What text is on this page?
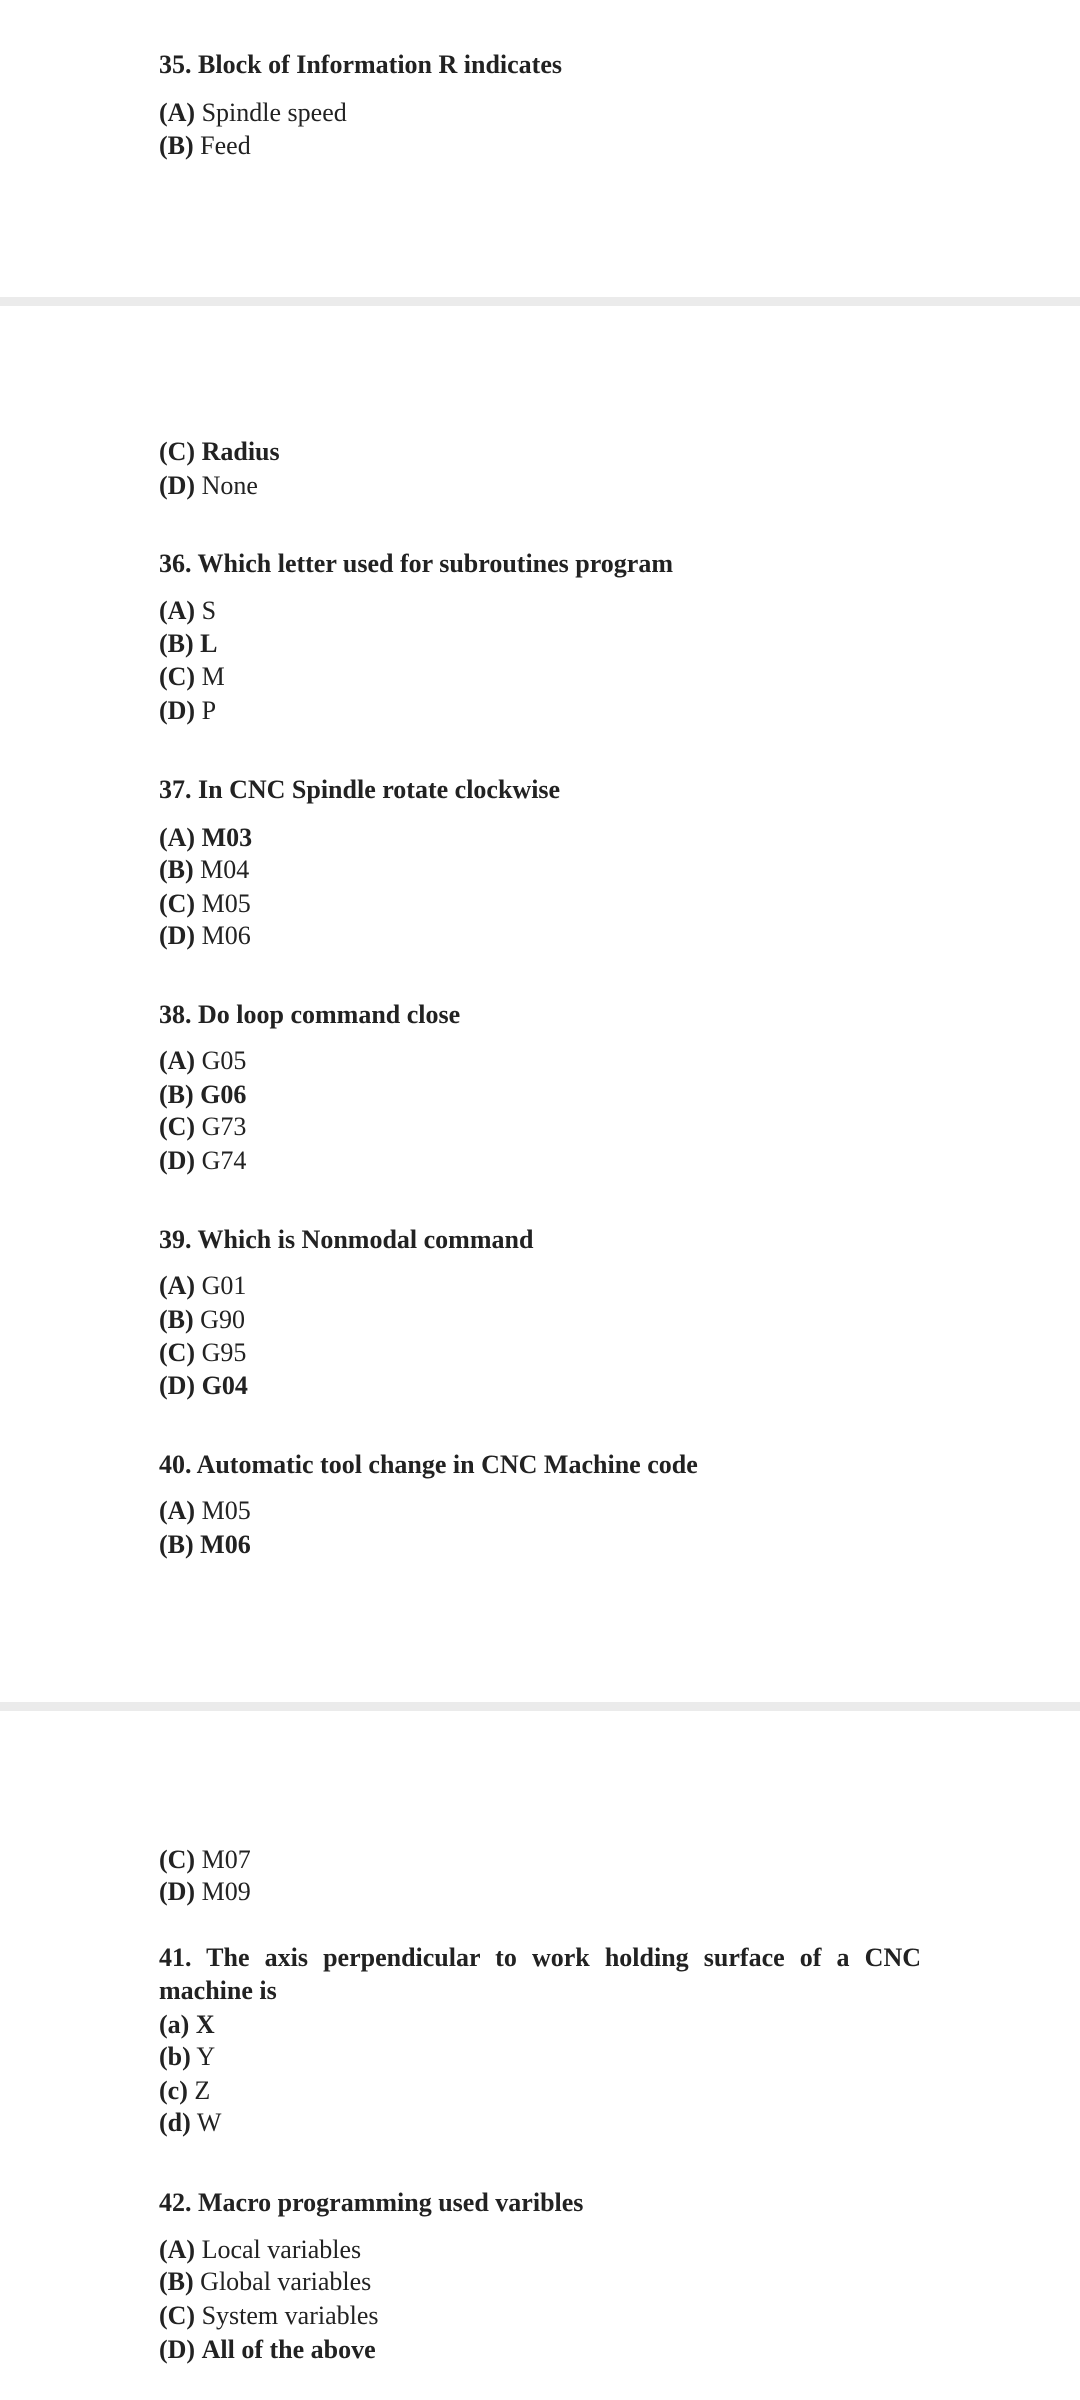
35. Block of Information R indicates
(A) Spindle speed
(B) Feed
(C) Radius
(D) None
36. Which letter used for subroutines program
(A) S
(B) L
(C) M
(D) P
37. In CNC Spindle rotate clockwise
(A) M03
(B) M04
(C) M05
(D) M06
38. Do loop command close
(A) G05
(B) G06
(C) G73
(D) G74
39. Which is Nonmodal command
(A) G01
(B) G90
(C) G95
(D) G04
40. Automatic tool change in CNC Machine code
(A) M05
(B) M06
(C) M07
(D) M09
41. The axis perpendicular to work holding surface of a CNC machine is
(a) X
(b) Y
(c) Z
(d) W
42. Macro programming used varibles
(A) Local variables
(B) Global variables
(C) System variables
(D) All of the above
